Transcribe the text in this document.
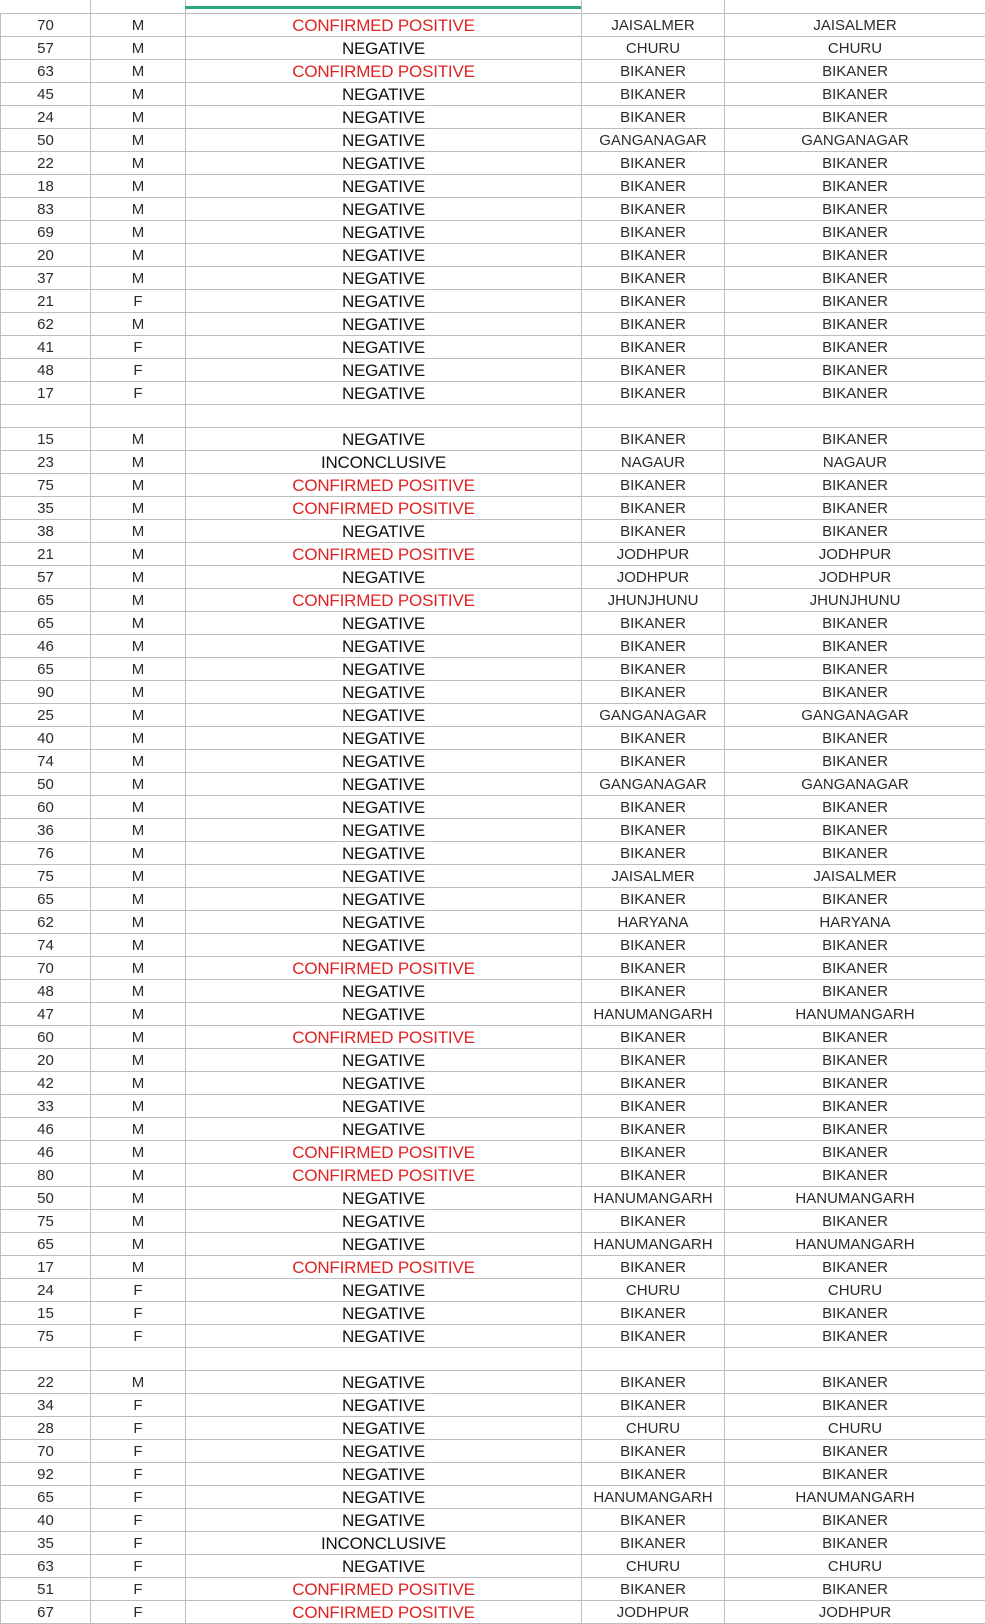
70	M	CONFIRMED POSITIVE	JAISALMER	JAISALMER
57	M	NEGATIVE	CHURU	CHURU
63	M	CONFIRMED POSITIVE	BIKANER	BIKANER
45	M	NEGATIVE	BIKANER	BIKANER
24	M	NEGATIVE	BIKANER	BIKANER
50	M	NEGATIVE	GANGANAGAR	GANGANAGAR
22	M	NEGATIVE	BIKANER	BIKANER
18	M	NEGATIVE	BIKANER	BIKANER
83	M	NEGATIVE	BIKANER	BIKANER
69	M	NEGATIVE	BIKANER	BIKANER
20	M	NEGATIVE	BIKANER	BIKANER
37	M	NEGATIVE	BIKANER	BIKANER
21	F	NEGATIVE	BIKANER	BIKANER
62	M	NEGATIVE	BIKANER	BIKANER
41	F	NEGATIVE	BIKANER	BIKANER
48	F	NEGATIVE	BIKANER	BIKANER
17	F	NEGATIVE	BIKANER	BIKANER

15	M	NEGATIVE	BIKANER	BIKANER
23	M	INCONCLUSIVE	NAGAUR	NAGAUR
75	M	CONFIRMED POSITIVE	BIKANER	BIKANER
35	M	CONFIRMED POSITIVE	BIKANER	BIKANER
38	M	NEGATIVE	BIKANER	BIKANER
21	M	CONFIRMED POSITIVE	JODHPUR	JODHPUR
57	M	NEGATIVE	JODHPUR	JODHPUR
65	M	CONFIRMED POSITIVE	JHUNJHUNU	JHUNJHUNU
65	M	NEGATIVE	BIKANER	BIKANER
46	M	NEGATIVE	BIKANER	BIKANER
65	M	NEGATIVE	BIKANER	BIKANER
90	M	NEGATIVE	BIKANER	BIKANER
25	M	NEGATIVE	GANGANAGAR	GANGANAGAR
40	M	NEGATIVE	BIKANER	BIKANER
74	M	NEGATIVE	BIKANER	BIKANER
50	M	NEGATIVE	GANGANAGAR	GANGANAGAR
60	M	NEGATIVE	BIKANER	BIKANER
36	M	NEGATIVE	BIKANER	BIKANER
76	M	NEGATIVE	BIKANER	BIKANER
75	M	NEGATIVE	JAISALMER	JAISALMER
65	M	NEGATIVE	BIKANER	BIKANER
62	M	NEGATIVE	HARYANA	HARYANA
74	M	NEGATIVE	BIKANER	BIKANER
70	M	CONFIRMED POSITIVE	BIKANER	BIKANER
48	M	NEGATIVE	BIKANER	BIKANER
47	M	NEGATIVE	HANUMANGARH	HANUMANGARH
60	M	CONFIRMED POSITIVE	BIKANER	BIKANER
20	M	NEGATIVE	BIKANER	BIKANER
42	M	NEGATIVE	BIKANER	BIKANER
33	M	NEGATIVE	BIKANER	BIKANER
46	M	NEGATIVE	BIKANER	BIKANER
46	M	CONFIRMED POSITIVE	BIKANER	BIKANER
80	M	CONFIRMED POSITIVE	BIKANER	BIKANER
50	M	NEGATIVE	HANUMANGARH	HANUMANGARH
75	M	NEGATIVE	BIKANER	BIKANER
65	M	NEGATIVE	HANUMANGARH	HANUMANGARH
17	M	CONFIRMED POSITIVE	BIKANER	BIKANER
24	F	NEGATIVE	CHURU	CHURU
15	F	NEGATIVE	BIKANER	BIKANER
75	F	NEGATIVE	BIKANER	BIKANER

22	M	NEGATIVE	BIKANER	BIKANER
34	F	NEGATIVE	BIKANER	BIKANER
28	F	NEGATIVE	CHURU	CHURU
70	F	NEGATIVE	BIKANER	BIKANER
92	F	NEGATIVE	BIKANER	BIKANER
65	F	NEGATIVE	HANUMANGARH	HANUMANGARH
40	F	NEGATIVE	BIKANER	BIKANER
35	F	INCONCLUSIVE	BIKANER	BIKANER
63	F	NEGATIVE	CHURU	CHURU
51	F	CONFIRMED POSITIVE	BIKANER	BIKANER
67	F	CONFIRMED POSITIVE	JODHPUR	JODHPUR
